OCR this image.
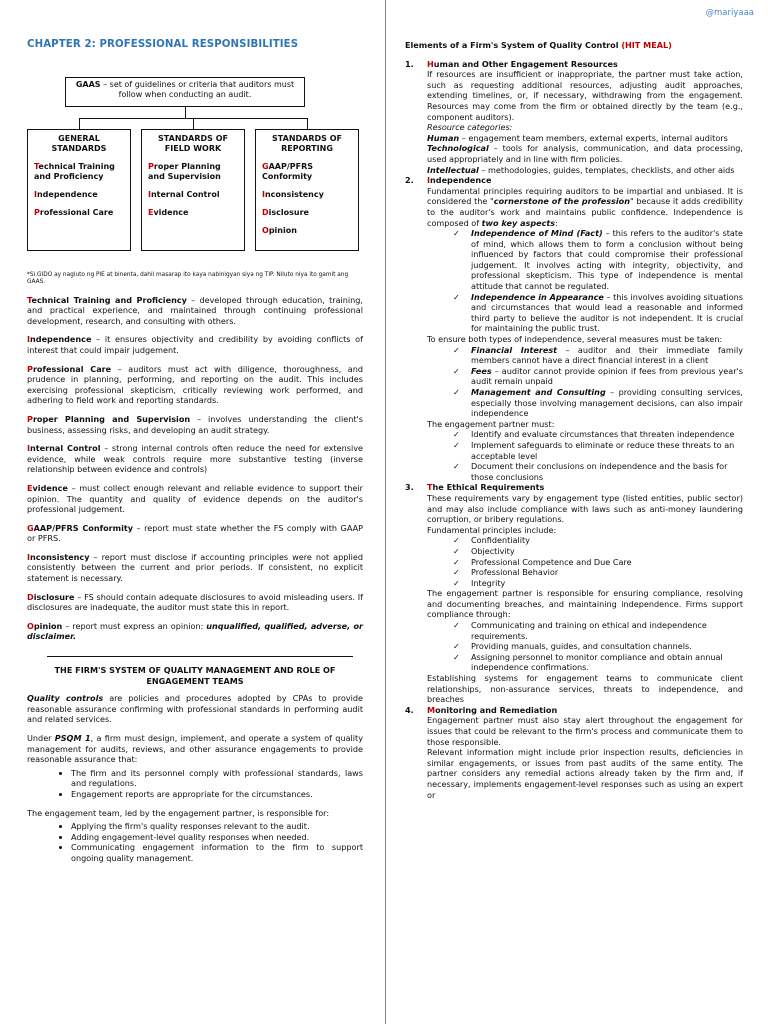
@mariyaaa
CHAPTER 2: PROFESSIONAL RESPONSIBILITIES
GAAS – set of guidelines or criteria that auditors must follow when conducting an audit.
GENERAL STANDARDS
Technical Training and Proficiency
Independence
Professional Care
STANDARDS OF FIELD WORK
Proper Planning and Supervision
Internal Control
Evidence
STANDARDS OF REPORTING
GAAP/PFRS Conformity
Inconsistency
Disclosure
Opinion
*Si GIDO ay nagluto ng PIE at binenta, dahil masarap ito kaya nabinigyan siya ng TIP. Niluto niya ito gamit ang GAAS.

Technical Training and Proficiency – developed through education, training, and practical experience, and maintained through continuing professional development, research, and consulting with others.

Independence – it ensures objectivity and credibility by avoiding conflicts of interest that could impair judgement.

Professional Care – auditors must act with diligence, thoroughness, and prudence in planning, performing, and reporting on the audit. This includes exercising professional skepticism, critically reviewing work performed, and adhering to field work and reporting standards.

Proper Planning and Supervision – involves understanding the client's business, assessing risks, and developing an audit strategy.

Internal Control – strong internal controls often reduce the need for extensive evidence, while weak controls require more substantive testing (inverse relationship between evidence and controls)

Evidence – must collect enough relevant and reliable evidence to support their opinion. The quantity and quality of evidence depends on the auditor's professional judgement.

GAAP/PFRS Conformity – report must state whether the FS comply with GAAP or PFRS.

Inconsistency – report must disclose if accounting principles were not applied consistently between the current and prior periods. If consistent, no explicit statement is necessary.

Disclosure – FS should contain adequate disclosures to avoid misleading users. If disclosures are inadequate, the auditor must state this in report.

Opinion – report must express an opinion: unqualified, qualified, adverse, or disclaimer.

THE FIRM'S SYSTEM OF QUALITY MANAGEMENT AND ROLE OF ENGAGEMENT TEAMS

Quality controls are policies and procedures adopted by CPAs to provide reasonable assurance confirming with professional standards in performing audit and related services.

Under PSQM 1, a firm must design, implement, and operate a system of quality management for audits, reviews, and other assurance engagements to provide reasonable assurance that:

• The firm and its personnel comply with professional standards, laws and regulations.
• Engagement reports are appropriate for the circumstances.

The engagement team, led by the engagement partner, is responsible for:

• Applying the firm's quality responses relevant to the audit.
• Adding engagement-level quality responses when needed.
• Communicating engagement information to the firm to support ongoing quality management.
Elements of a Firm's System of Quality Control (HIT MEAL)
1. Human and Other Engagement Resources

If resources are insufficient or inappropriate, the partner must take action, such as requesting additional resources, adjusting audit approaches, extending timelines, or, if necessary, withdrawing from the engagement. Resources may come from the firm or obtained directly by the team (e.g., component auditors).

Resource categories:

Human – engagement team members, external experts, internal auditors

Technological – tools for analysis, communication, and data processing, used appropriately and in line with firm policies.

Intellectual – methodologies, guides, templates, checklists, and other aids

2. Independence

Fundamental principles requiring auditors to be impartial and unbiased. It is considered the "cornerstone of the profession" because it adds credibility to the auditor's work and maintains public confidence. Independence is composed of two key aspects:

✓ Independence of Mind (Fact) – this refers to the auditor's state of mind, which allows them to form a conclusion without being influenced by factors that could compromise their professional judgement. It involves acting with integrity, objectivity, and professional skepticism. This type of independence is mental attitude that cannot be regulated.
✓ Independence in Appearance – this involves avoiding situations and circumstances that would lead a reasonable and informed third party to believe the auditor is not independent. It is crucial for maintaining the public trust.

To ensure both types of independence, several measures must be taken:

✓ Financial Interest – auditor and their immediate family members cannot have a direct financial interest in a client
✓ Fees – auditor cannot provide opinion if fees from previous year's audit remain unpaid
✓ Management and Consulting – providing consulting services, especially those involving management decisions, can also impair independence

The engagement partner must:

✓ Identify and evaluate circumstances that threaten independence
✓ Implement safeguards to eliminate or reduce these threats to an acceptable level
✓ Document their conclusions on independence and the basis for those conclusions
3. The Ethical Requirements

These requirements vary by engagement type (listed entities, public sector) and may also include compliance with laws such as anti-money laundering corruption, or bribery regulations.

Fundamental principles include:

✓ Confidentiality
✓ Objectivity
✓ Professional Competence and Due Care
✓ Professional Behavior
✓ Integrity

The engagement partner is responsible for ensuring compliance, resolving and documenting breaches, and maintaining independence. Firms support compliance through:

✓ Communicating and training on ethical and independence requirements.
✓ Providing manuals, guides, and consultation channels.
✓ Assigning personnel to monitor compliance and obtain annual independence confirmations.

Establishing systems for engagement teams to communicate client relationships, non-assurance services, threats to independence, and breaches

4. Monitoring and Remediation

Engagement partner must also stay alert throughout the engagement for issues that could be relevant to the firm's process and communicate them to those responsible.

Relevant information might include prior inspection results, deficiencies in similar engagements, or issues from past audits of the same entity. The partner considers any remedial actions already taken by the firm and, if necessary, implements engagement-level responses such as using an expert or
